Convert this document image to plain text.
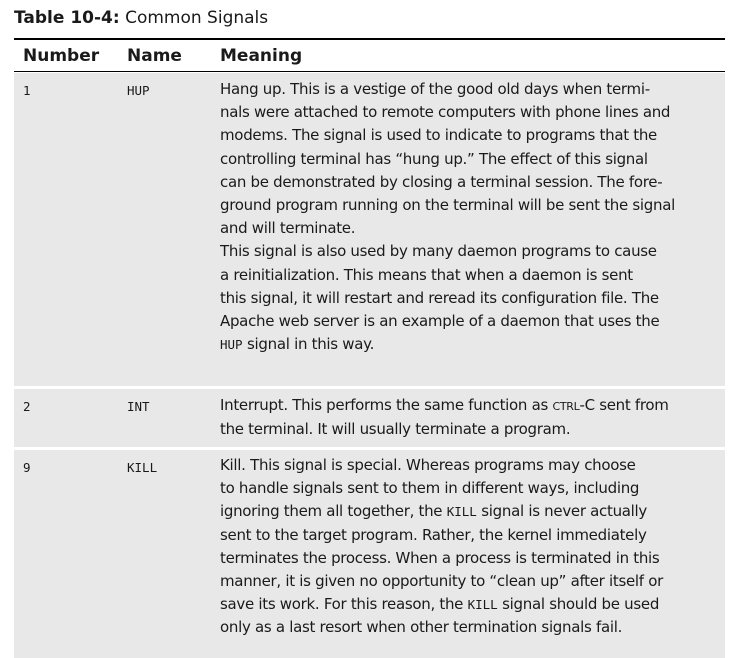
Table 10-4: Common Signals
Number Name Meaning
1	HUP	Hang up. This is a vestige of the good old days when termi-
nals were attached to remote computers with phone lines and
modems. The signal is used to indicate to programs that the
controlling terminal has “hung up.” The effect of this signal
can be demonstrated by closing a terminal session. The fore-
ground program running on the terminal will be sent the signal
and will terminate.
This signal is also used by many daemon programs to cause
a reinitialization. This means that when a daemon is sent
this signal, it will restart and reread its configuration file. The
Apache web server is an example of a daemon that uses the
HUP signal in this way.
2	INT	Interrupt. This performs the same function as CTRL-C sent from
the terminal. It will usually terminate a program.
9	KILL	Kill. This signal is special. Whereas programs may choose
to handle signals sent to them in different ways, including
ignoring them all together, the KILL signal is never actually
sent to the target program. Rather, the kernel immediately
terminates the process. When a process is terminated in this
manner, it is given no opportunity to “clean up” after itself or
save its work. For this reason, the KILL signal should be used
only as a last resort when other termination signals fail.
